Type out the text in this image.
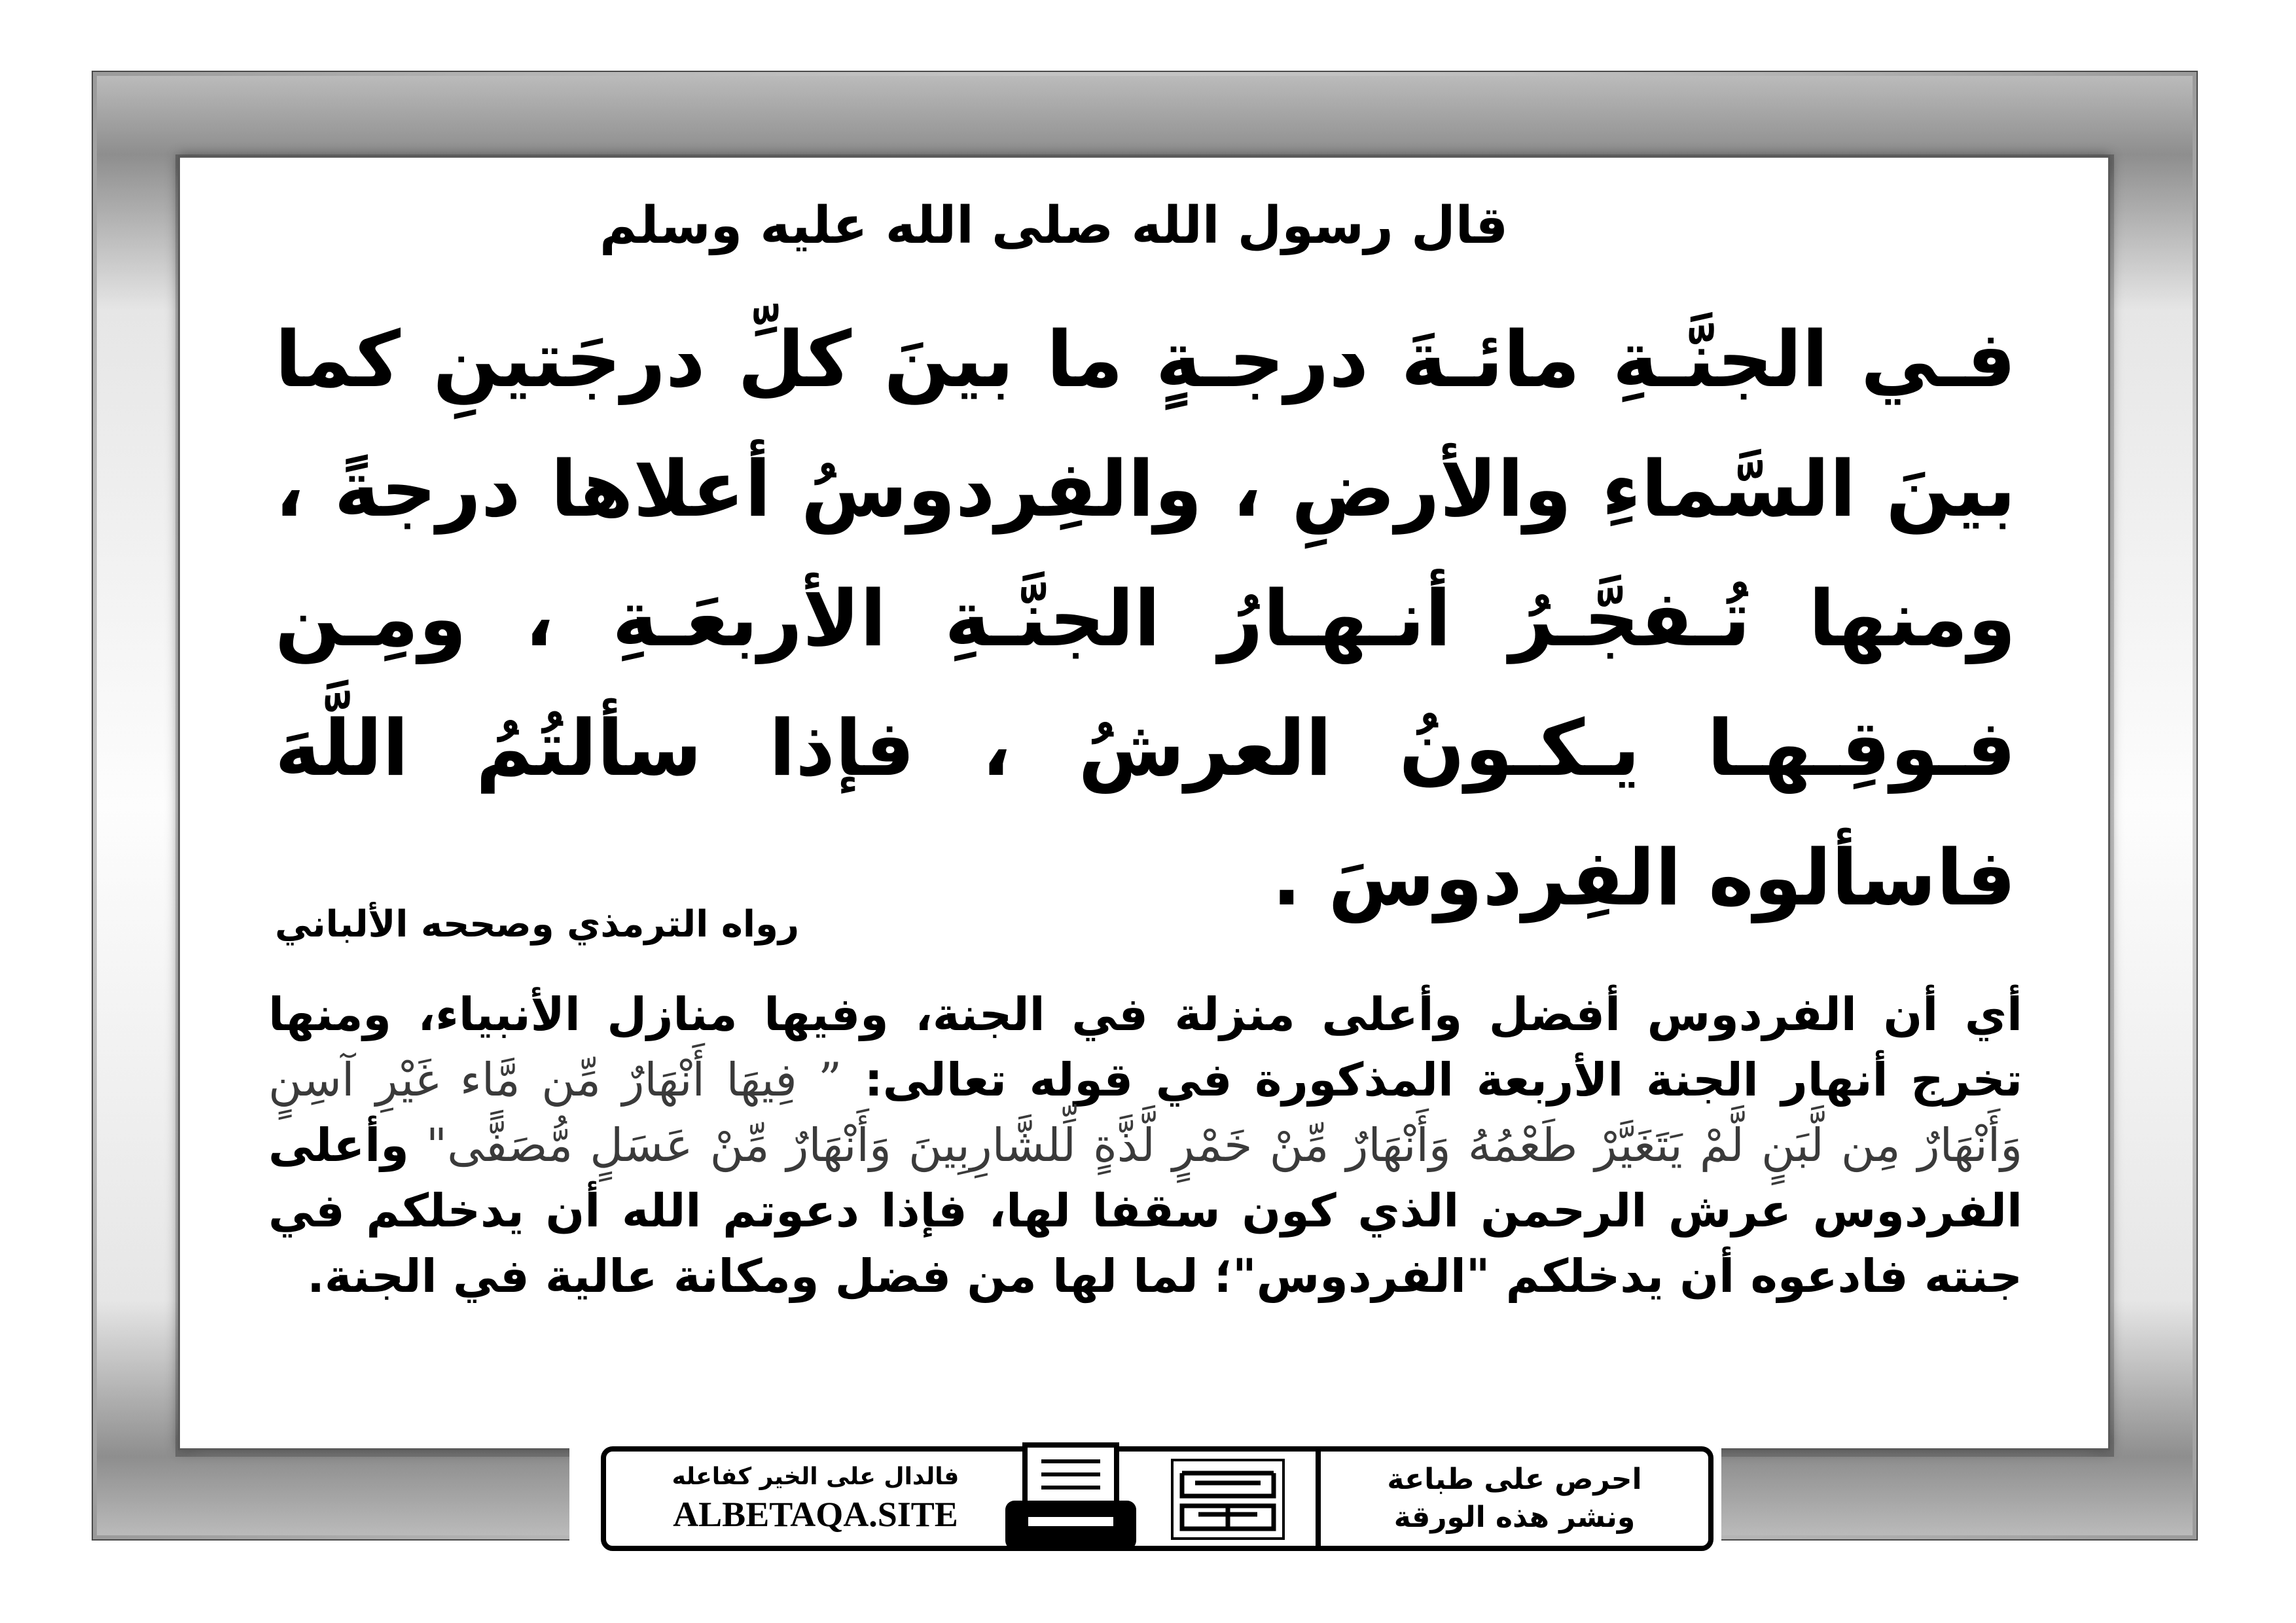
قال رسول الله صلى الله عليه وسلم
فـي الجنَّـةِ مائـةَ درجـةٍ ما بينَ كلِّ درجَتينِ كما بينَ السَّماءِ والأرضِ ، والفِردوسُ أعلاها درجةً ، ومنها تُـفجَّـرُ أنـهـارُ الجنَّـةِ الأربعَـةِ ، ومِـن فـوقِـهـا يـكـونُ العرشُ ، فإذا سألتُمُ اللَّهَ فاسألوه الفِردوسَ .
رواه الترمذي وصححه الألباني
أي أن الفردوس أفضل وأعلى منزلة في الجنة، وفيها منازل الأنبياء، ومنها تخرج أنهار الجنة الأربعة المذكورة في قوله تعالى: ” فِيهَا أَنْهَارٌ مِّن مَّاء غَيْرِ آسِنٍ وَأَنْهَارٌ مِن لَّبَنٍ لَّمْ يَتَغَيَّرْ طَعْمُهُ وَأَنْهَارٌ مِّنْ خَمْرٍ لَّذَّةٍ لِّلشَّارِبِينَ وَأَنْهَارٌ مِّنْ عَسَلٍ مُّصَفًّى" وأعلى الفردوس عرش الرحمن الذي كون سقفا لها، فإذا دعوتم الله أن يدخلكم في جنته فادعوه أن يدخلكم "الفردوس"؛ لما لها من فضل ومكانة عالية في الجنة.
فالدال على الخير كفاعله
ALBETAQA.SITE
احرص على طباعة
ونشر هذه الورقة
